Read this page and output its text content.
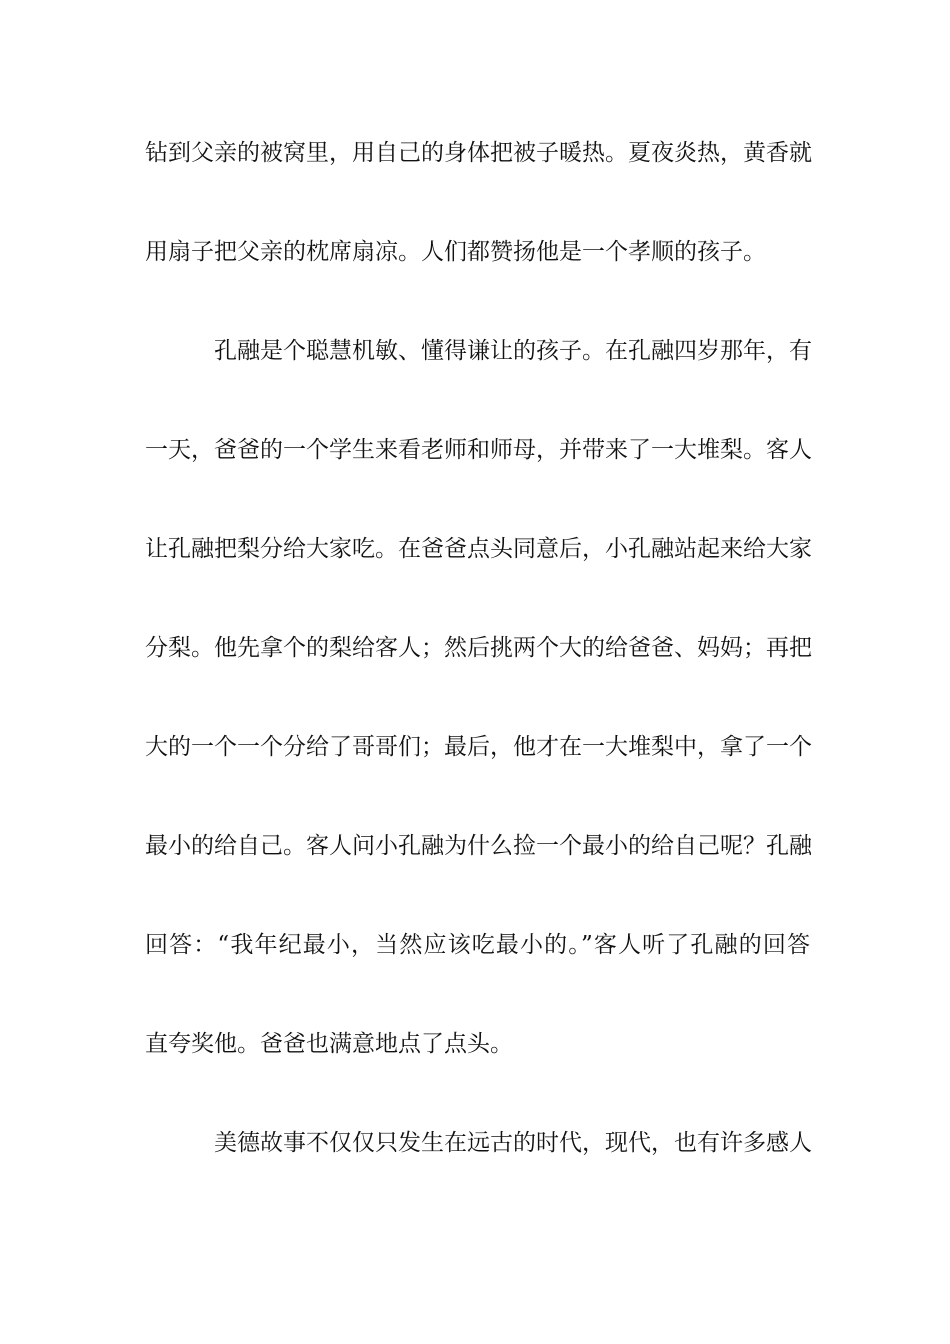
钻到父亲的被窝里，用自己的身体把被子暖热。夏夜炎热，黄香就
用扇子把父亲的枕席扇凉。人们都赞扬他是一个孝顺的孩子。
孔融是个聪慧机敏、懂得谦让的孩子。在孔融四岁那年，有
一天，爸爸的一个学生来看老师和师母，并带来了一大堆梨。客人
让孔融把梨分给大家吃。在爸爸点头同意后，小孔融站起来给大家
分梨。他先拿个的梨给客人；然后挑两个大的给爸爸、妈妈；再把
大的一个一个分给了哥哥们；最后，他才在一大堆梨中，拿了一个
最小的给自己。客人问小孔融为什么捡一个最小的给自己呢？孔融
回答：“我年纪最小，当然应该吃最小的。”客人听了孔融的回答
直夸奖他。爸爸也满意地点了点头。
美德故事不仅仅只发生在远古的时代，现代，也有许多感人
